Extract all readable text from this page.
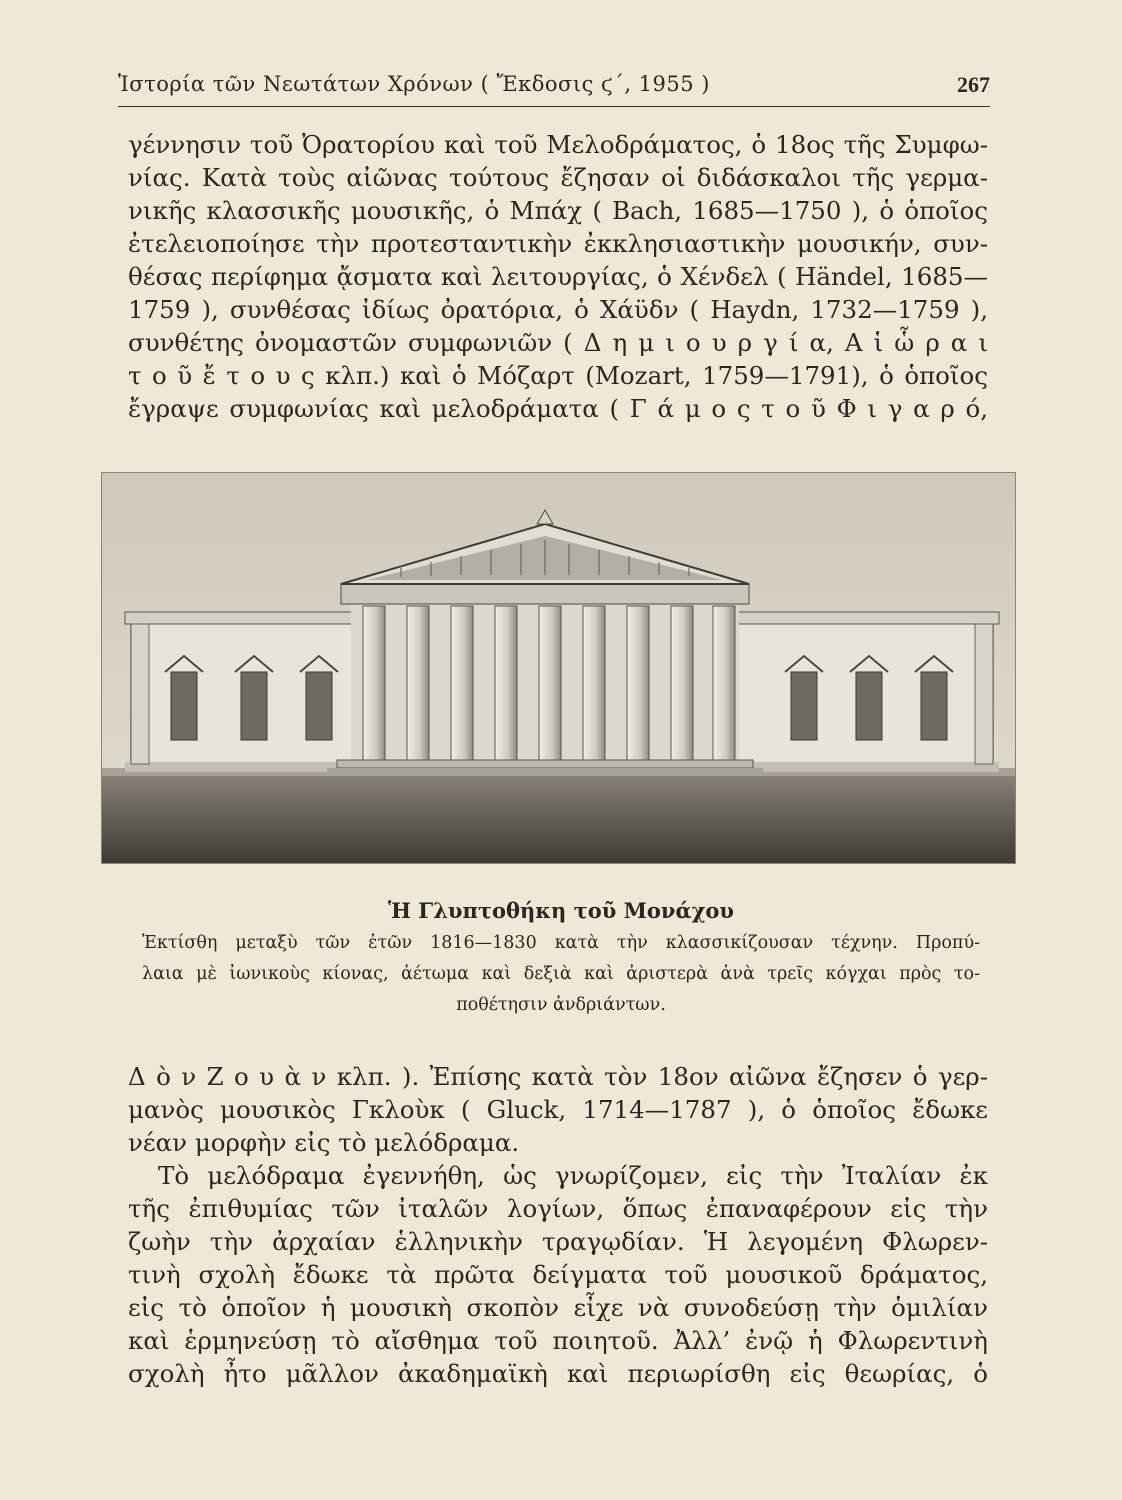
Ἱστορία τῶν Νεωτάτων Χρόνων ( Ἔκδοσις ϛ΄, 1955 )	267
γέννησιν τοῦ Ὀρατορίου καὶ τοῦ Μελοδράματος, ὁ 18ος τῆς Συμφω-
νίας. Κατὰ τοὺς αἰῶνας τούτους ἔζησαν οἱ διδάσκαλοι τῆς γερμα-
νικῆς κλασσικῆς μουσικῆς, ὁ Μπάχ ( Bach, 1685—1750 ), ὁ ὁποῖος
ἐτελειοποίησε τὴν προτεσταντικὴν ἐκκλησιαστικὴν μουσικήν, συν-
θέσας περίφημα ᾄσματα καὶ λειτουργίας, ὁ Χένδελ ( Händel, 1685—
1759 ), συνθέσας ἰδίως ὀρατόρια, ὁ Χάϋδν ( Haydn, 1732—1759 ),
συνθέτης ὀνομαστῶν συμφωνιῶν ( Δ η μ ι ο υ ρ γ ί α, Α ἱ ὧ ρ α ι
τ ο ῦ ἔ τ ο υ ς κλπ.) καὶ ὁ Μόζαρτ (Mozart, 1759—1791), ὁ ὁποῖος
ἔγραψε συμφωνίας καὶ μελοδράματα ( Γ ά μ ο ς τ ο ῦ Φ ι γ α ρ ό,
Ἡ Γλυπτοθήκη τοῦ Μονάχου
Ἐκτίσθη μεταξὺ τῶν ἐτῶν 1816—1830 κατὰ τὴν κλασσικίζουσαν τέχνην. Προπύ-
λαια μὲ ἰωνικοὺς κίονας, ἀέτωμα καὶ δεξιὰ καὶ ἀριστερὰ ἀνὰ τρεῖς κόγχαι πρὸς το-
ποθέτησιν ἀνδριάντων.
Δ ὸ ν Ζ ο υ ὰ ν κλπ. ). Ἐπίσης κατὰ τὸν 18ον αἰῶνα ἔζησεν ὁ γερ-
μανὸς μουσικὸς Γκλοὺκ ( Gluck, 1714—1787 ), ὁ ὁποῖος ἔδωκε
νέαν μορφὴν εἰς τὸ μελόδραμα.
Τὸ μελόδραμα ἐγεννήθη, ὡς γνωρίζομεν, εἰς τὴν Ἰταλίαν ἐκ
τῆς ἐπιθυμίας τῶν ἰταλῶν λογίων, ὅπως ἐπαναφέρουν εἰς τὴν
ζωὴν τὴν ἀρχαίαν ἑλληνικὴν τραγῳδίαν. Ἡ λεγομένη Φλωρεν-
τινὴ σχολὴ ἔδωκε τὰ πρῶτα δείγματα τοῦ μουσικοῦ δράματος,
εἰς τὸ ὁποῖον ἡ μουσικὴ σκοπὸν εἶχε νὰ συνοδεύσῃ τὴν ὁμιλίαν
καὶ ἑρμηνεύσῃ τὸ αἴσθημα τοῦ ποιητοῦ. Ἀλλ’ ἐνῷ ἡ Φλωρεντινὴ
σχολὴ ἦτο μᾶλλον ἀκαδημαϊκὴ καὶ περιωρίσθη εἰς θεωρίας, ὁ
